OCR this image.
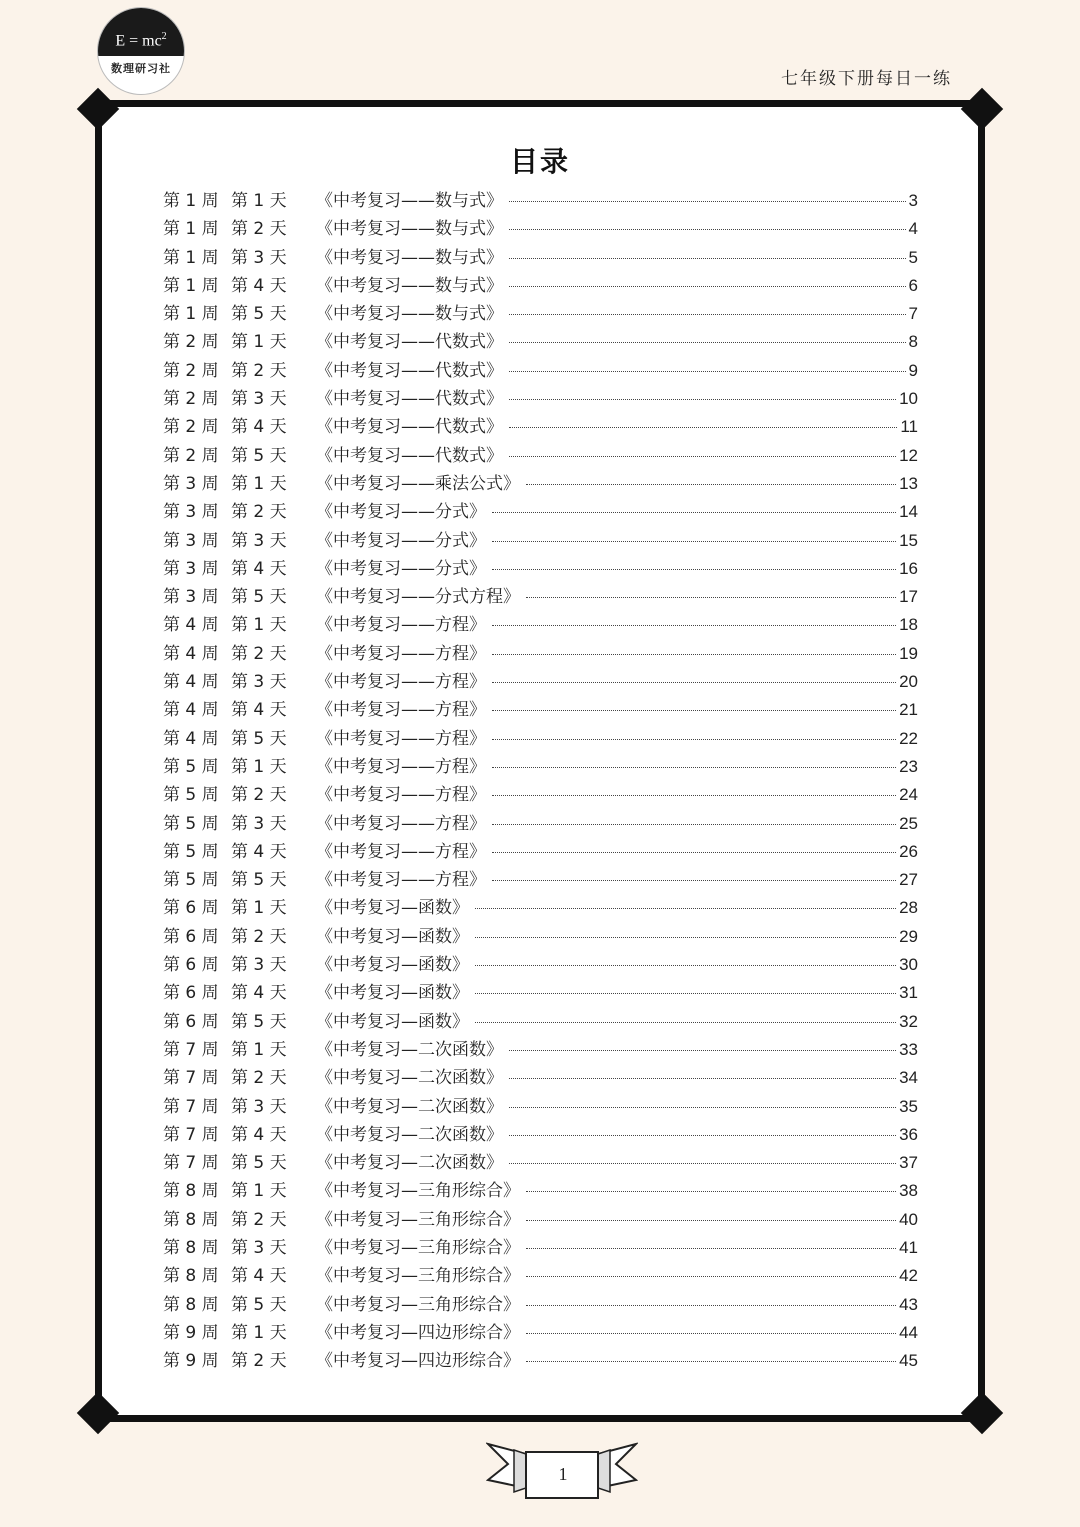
$E = mc^2$
数理研习社
七年级下册每日一练
目录
第 1 周 第 1 天	《中考复习——数与式》	3
第 1 周 第 2 天	《中考复习——数与式》	4
第 1 周 第 3 天	《中考复习——数与式》	5
第 1 周 第 4 天	《中考复习——数与式》	6
第 1 周 第 5 天	《中考复习——数与式》	7
第 2 周 第 1 天	《中考复习——代数式》	8
第 2 周 第 2 天	《中考复习——代数式》	9
第 2 周 第 3 天	《中考复习——代数式》	10
第 2 周 第 4 天	《中考复习——代数式》	11
第 2 周 第 5 天	《中考复习——代数式》	12
第 3 周 第 1 天	《中考复习——乘法公式》	13
第 3 周 第 2 天	《中考复习——分式》	14
第 3 周 第 3 天	《中考复习——分式》	15
第 3 周 第 4 天	《中考复习——分式》	16
第 3 周 第 5 天	《中考复习——分式方程》	17
第 4 周 第 1 天	《中考复习——方程》	18
第 4 周 第 2 天	《中考复习——方程》	19
第 4 周 第 3 天	《中考复习——方程》	20
第 4 周 第 4 天	《中考复习——方程》	21
第 4 周 第 5 天	《中考复习——方程》	22
第 5 周 第 1 天	《中考复习——方程》	23
第 5 周 第 2 天	《中考复习——方程》	24
第 5 周 第 3 天	《中考复习——方程》	25
第 5 周 第 4 天	《中考复习——方程》	26
第 5 周 第 5 天	《中考复习——方程》	27
第 6 周 第 1 天	《中考复习—函数》	28
第 6 周 第 2 天	《中考复习—函数》	29
第 6 周 第 3 天	《中考复习—函数》	30
第 6 周 第 4 天	《中考复习—函数》	31
第 6 周 第 5 天	《中考复习—函数》	32
第 7 周 第 1 天	《中考复习—二次函数》	33
第 7 周 第 2 天	《中考复习—二次函数》	34
第 7 周 第 3 天	《中考复习—二次函数》	35
第 7 周 第 4 天	《中考复习—二次函数》	36
第 7 周 第 5 天	《中考复习—二次函数》	37
第 8 周 第 1 天	《中考复习—三角形综合》	38
第 8 周 第 2 天	《中考复习—三角形综合》	40
第 8 周 第 3 天	《中考复习—三角形综合》	41
第 8 周 第 4 天	《中考复习—三角形综合》	42
第 8 周 第 5 天	《中考复习—三角形综合》	43
第 9 周 第 1 天	《中考复习—四边形综合》	44
第 9 周 第 2 天	《中考复习—四边形综合》	45
1
